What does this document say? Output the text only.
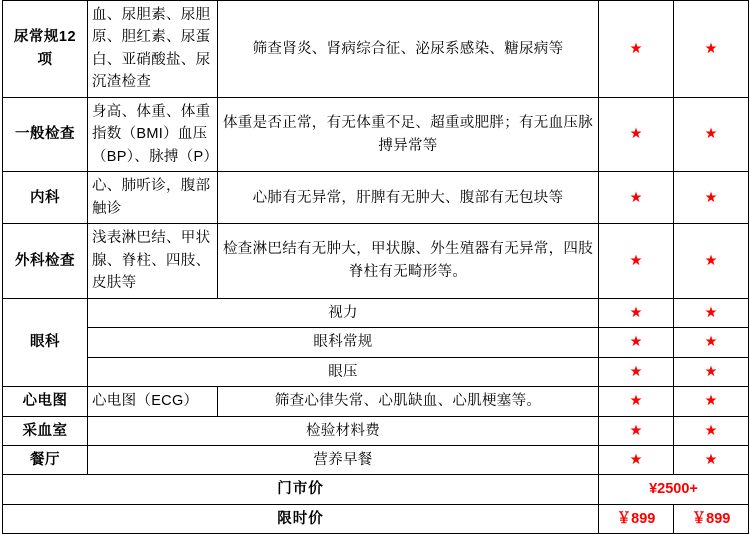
尿常规12项	血、尿胆素、尿胆原、胆红素、尿蛋白、亚硝酸盐、尿沉渣检查	筛查肾炎、肾病综合征、泌尿系感染、糖尿病等	★	★
一般检查	身高、体重、体重指数（BMI）血压（BP）、脉搏（P）	体重是否正常，有无体重不足、超重或肥胖；有无血压脉搏异常等	★	★
内科	心、肺听诊，腹部触诊	心肺有无异常，肝脾有无肿大、腹部有无包块等	★	★
外科检查	浅表淋巴结、甲状腺、脊柱、四肢、皮肤等	检查淋巴结有无肿大，甲状腺、外生殖器有无异常，四肢脊柱有无畸形等。	★	★
眼科	视力		★	★
	眼科常规		★	★
	眼压		★	★
心电图	心电图（ECG）	筛查心律失常、心肌缺血、心肌梗塞等。	★	★
采血室	检验材料费		★	★
餐厅	营养早餐		★	★
门市价			¥2500+	
限时价			￥899	￥899
